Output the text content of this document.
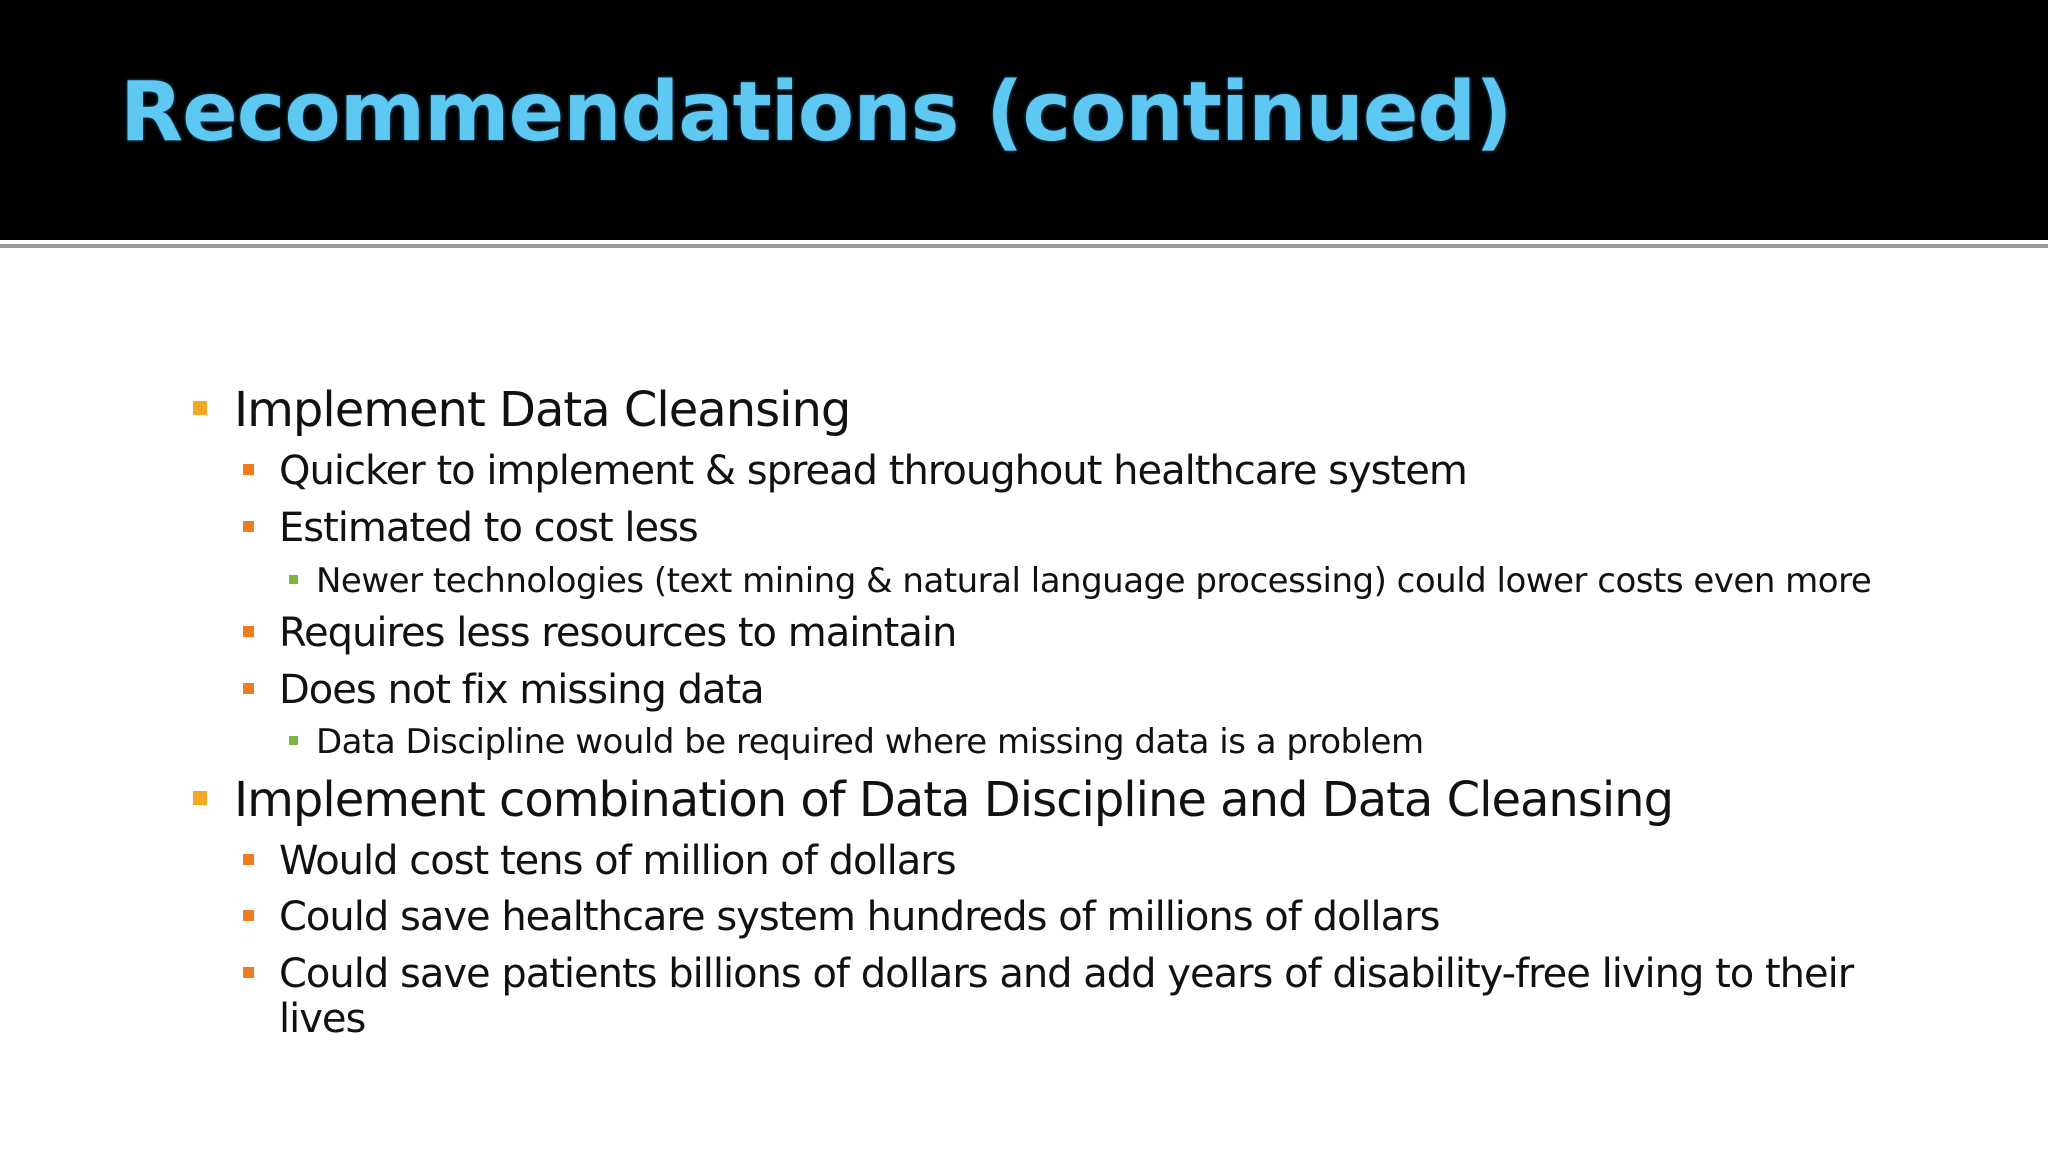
Recommendations (continued)
Implement Data Cleansing
Quicker to implement & spread throughout healthcare system
Estimated to cost less
Newer technologies (text mining & natural language processing) could lower costs even more
Requires less resources to maintain
Does not fix missing data
Data Discipline would be required where missing data is a problem
Implement combination of Data Discipline and Data Cleansing
Would cost tens of million of dollars
Could save healthcare system hundreds of millions of dollars
Could save patients billions of dollars and add years of disability-free living to their
lives
